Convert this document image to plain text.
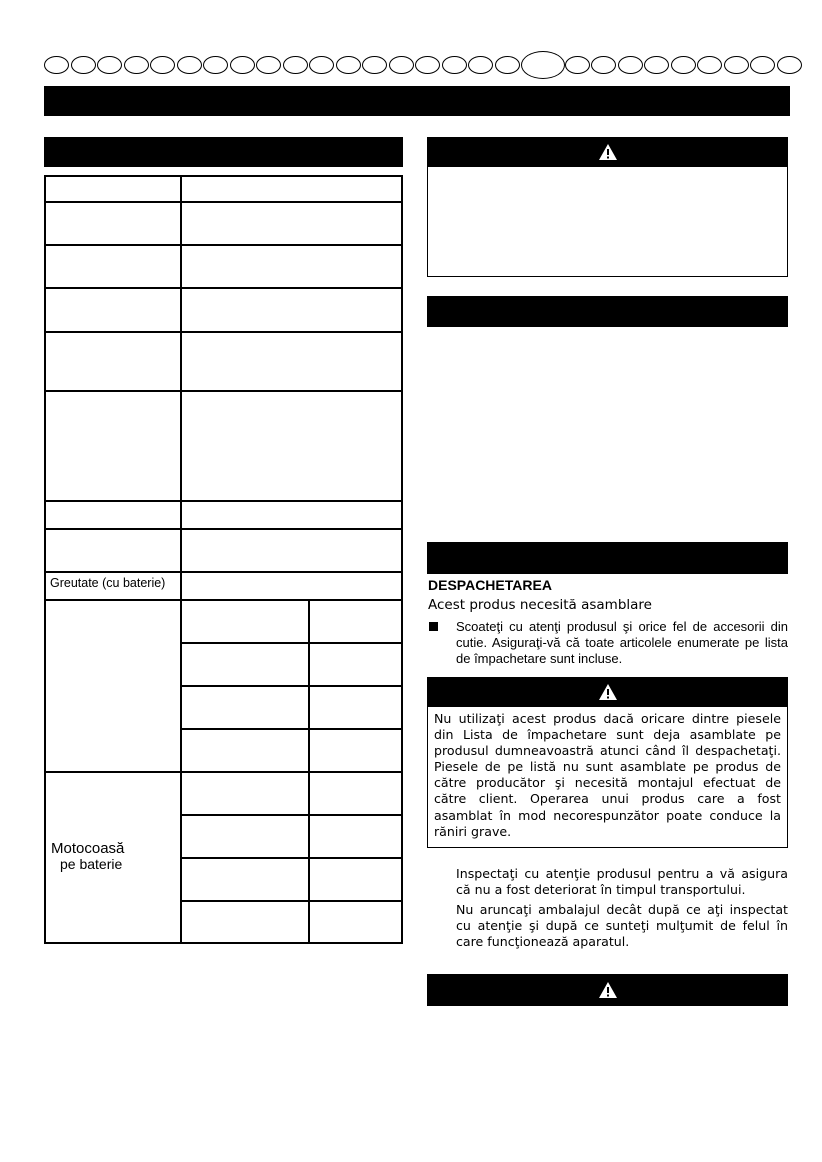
Greutate (cu baterie)
Motocoasă
pe baterie
DESPACHETAREA
Acest produs necesită asamblare
Scoateţi cu atenţi produsul şi orice fel de accesorii din cutie. Asiguraţi-vă că toate articolele enumerate pe lista de împachetare sunt incluse.
Nu utilizaţi acest produs dacă oricare dintre piesele din Lista de împachetare sunt deja asamblate pe produsul dumneavoastră atunci când îl despachetaţi. Piesele de pe listă nu sunt asamblate pe produs de către producător şi necesită montajul efectuat de către client. Operarea unui produs care a fost asamblat în mod necorespunzător poate conduce la răniri grave.
Inspectaţi cu atenţie produsul pentru a vă asigura că nu a fost deteriorat în timpul transportului.
Nu aruncaţi ambalajul decât după ce aţi inspectat cu atenţie şi după ce sunteţi mulţumit de felul în care funcţionează aparatul.
